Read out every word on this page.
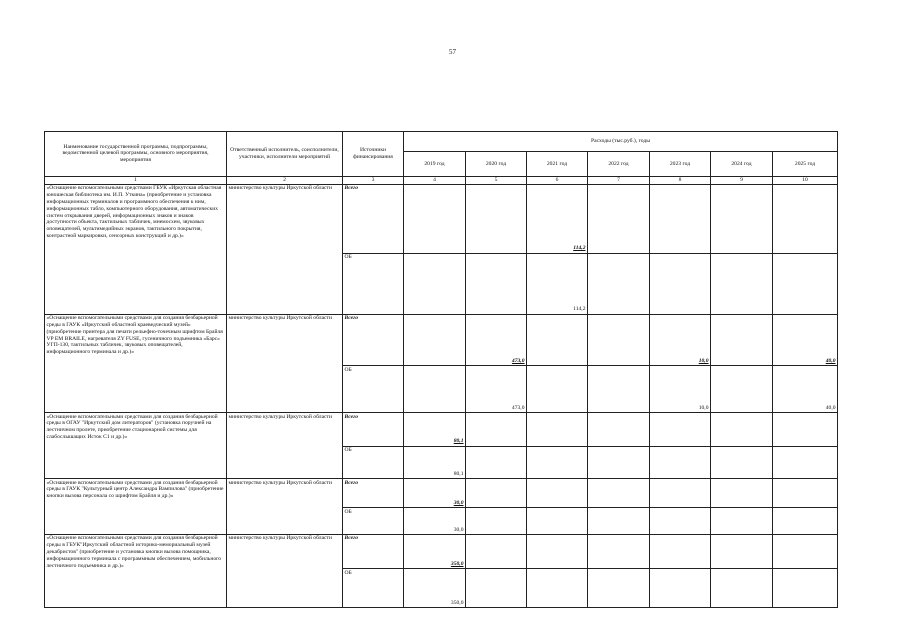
57
Наименование государственной программы, подпрограммы, ведомственной целевой программы, основного мероприятия, мероприятия	Ответственный исполнитель, соисполнители, участники, исполнители мероприятий	Источники финансирования	Расходы (тыс.руб.), годы						
			2019 год	2020 год	2021 год	2022 год	2023 год	2024 год	2025 год
1	2	3	4	5	6	7	8	9	10
«Оснащение вспомогательными средствами ГБУК «Иркутская областная юношеская библиотека им. И.П. Уткина» (приобретение и установка информационных терминалов и программного обеспечения к ним, информационных табло, компьютерного оборудования, автоматических систем открывания дверей, информационных знаков и знаков доступности объекта, тактильных табличек, мнемосхем, звуковых оповещателей, мультимедийных экранов, тактильного покрытия, контрастной маркировки, сенсорных конструкций и др.)»	министерство культуры Иркутской области	Всего			114,2				
		ОБ			114,2				
«Оснащение вспомогательными средствами для создания безбарьерной среды в ГАУК «Иркутский областной краеведческий музей» (приобретение принтера для печати рельефно-точечным шрифтом Брайля VP EM BRAILE, нагревателя ZY FUSE, гусеничного подъемника «Барс» УГП-130, тактильных табличек, звуковых оповещателей, информационного терминала и др.)»	министерство культуры Иркутской области	Всего		473,0			10,0		40,0
		ОБ		473,0			10,0		40,0
«Оснащение вспомогательными средствами для создания безбарьерной среды в ОГАУ "Иркутский дом литераторов" (установка поручней на лестничном пролете, приобретение стационарной системы для слабослышащих Исток С1 и др.)»	министерство культуры Иркутской области	Всего	80,1						
		ОБ	80,1						
«Оснащение вспомогательными средствами для создания безбарьерной среды в ГАУК "Культурный центр Александра Вампилова" (приобретение кнопки вызова персонала со шрифтом Брайля и др.)»	министерство культуры Иркутской области	Всего	30,0						
		ОБ	30,0						
«Оснащение вспомогательными средствами для создания безбарьерной среды в ГБУК"Иркутский областной историко-мемориальный музей декабристов" (приобретение и установка кнопки вызова помощника, информационного терминала с программным обеспечением, мобильного лестничного подъемника и др.)»	министерство культуры Иркутской области	Всего	350,0						
		ОБ	350,0						
